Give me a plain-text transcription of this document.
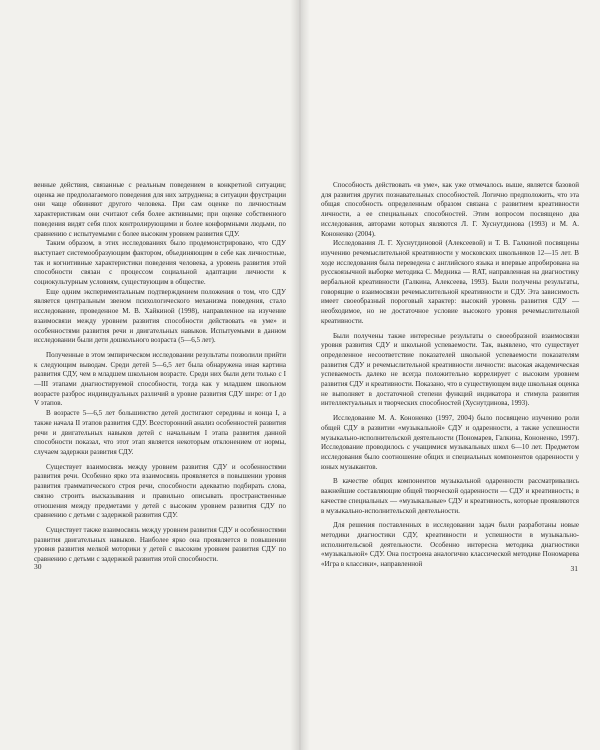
венные действия, связанные с реальным поведением в конкретной ситуации; оценка же предполагаемого поведения для них затруднена; в ситуации фрустрации они чаще обвиняют другого человека. При сам оценке по личностным характеристикам они считают себя более активными; при оценке собственного поведения видят себя плох контролирующими и более конформными людьми, по сравнению с испытуемыми с более высоким уровнем развития СДУ.

Таким образом, в этих исследованиях было продемонстрировано, что СДУ выступает системообразующим фактором, объединяющим в себе как личностные, так и когнитивные характеристики поведения человека, а уровень развития этой способности связан с процессом социальной адаптации личности к социокультурным условиям, существующим в обществе.

Еще одним экспериментальным подтверждением положения о том, что СДУ является центральным звеном психологического механизма поведения, стало исследование, проведенное М. В. Хайкиной (1998), направленное на изучение взаимосвязи между уровнем развития способности действовать «в уме» и особенностями развития речи и двигательных навыков. Испытуемыми в данном исследовании были дети дошкольного возраста (5—6,5 лет).

Полученные в этом эмпирическом исследовании результаты позволили прийти к следующим выводам. Среди детей 5—6,5 лет была обнаружена иная картина развития СДУ, чем в младшем школьном возрасте. Среди них были дети только с I—III этапами диагностируемой способности, тогда как у младшем школьном возрасте разброс индивидуальных различий в уровне развития СДУ шире: от I до V этапов.

В возрасте 5—6,5 лет большинство детей достигают середины и конца I, а также начала II этапов развития СДУ. Всесторонний анализ особенностей развития речи и двигательных навыков детей с начальным I этапа развития данной способности показал, что этот этап является некоторым отклонением от нормы, случаем задержки развития СДУ.

Существует взаимосвязь между уровнем развития СДУ и особенностями развития речи. Особенно ярко эта взаимосвязь проявляется в повышении уровня развития грамматического строя речи, способности адекватно подбирать слова, связно строить высказывания и правильно описывать пространственные отношения между предметами у детей с высоким уровнем развития СДУ по сравнению с детьми с задержкой развития СДУ.

Существует также взаимосвязь между уровнем развития СДУ и особенностями развития двигательных навыков. Наиболее ярко она проявляется в повышении уровня развития мелкой моторики у детей с высоким уровнем развития СДУ по сравнению с детьми с задержкой развития этой способности.

30

Способность действовать «в уме», как уже отмечалось выше, является базовой для развития других познавательных способностей. Логично предположить, что эта общая способность определенным образом связана с развитием креативности личности, а ее специальных способностей. Этим вопросом посвящено два исследования, авторами которых являются Л. Г. Хуснутдинова (1993) и М. А. Кононенко (2004).

Исследования Л. Г. Хуснутдиновой (Алексеевой) и Т. В. Галкиной посвящены изучению речемыслительной креативности у московских школьников 12—15 лет. В ходе исследования была переведена с английского языка и впервые апробирована на русскоязычной выборке методика С. Медника — RAT, направленная на диагностику вербальной креативности (Галкина, Алексеева, 1993). Были получены результаты, говорящие о взаимосвязи речемыслительной креативности и СДУ. Эта зависимость имеет своеобразный пороговый характер: высокий уровень развития СДУ — необходимое, но не достаточное условие высокого уровня речемыслительной креативности.

Были получены также интересные результаты о своеобразной взаимосвязи уровня развития СДУ и школьной успеваемости. Так, выявлено, что существует определенное несоответствие показателей школьной успеваемости показателям развития СДУ и речемыслительной креативности личности: высокая академическая успеваемость далеко не всегда положительно коррелирует с высоким уровнем развития СДУ и креативности. Показано, что в существующем виде школьная оценка не выполняет в достаточной степени функций индикатора и стимула развития интеллектуальных и творческих способностей (Хуснутдинова, 1993).

Исследование М. А. Кононенко (1997, 2004) было посвящено изучению роли общей СДУ в развитии «музыкальной» СДУ и одаренности, а также успешности музыкально-исполнительской деятельности (Пономарев, Галкина, Кононенко, 1997). Исследование проводилось с учащимися музыкальных школ 6—10 лет. Предметом исследования было соотношение общих и специальных компонентов одаренности у юных музыкантов.

В качестве общих компонентов музыкальной одаренности рассматривались важнейшие составляющие общей творческой одаренности — СДУ и креативность; в качестве специальных — «музыкальные» СДУ и креативность, которые проявляются в музыкально-исполнительской деятельности.

Для решения поставленных в исследовании задач были разработаны новые методики диагностики СДУ, креативности и успешности в музыкально-исполнительской деятельности. Особенно интересна методика диагностики «музыкальной» СДУ. Она построена аналогично классической методике Пономарева «Игра в классики», направленной	31
